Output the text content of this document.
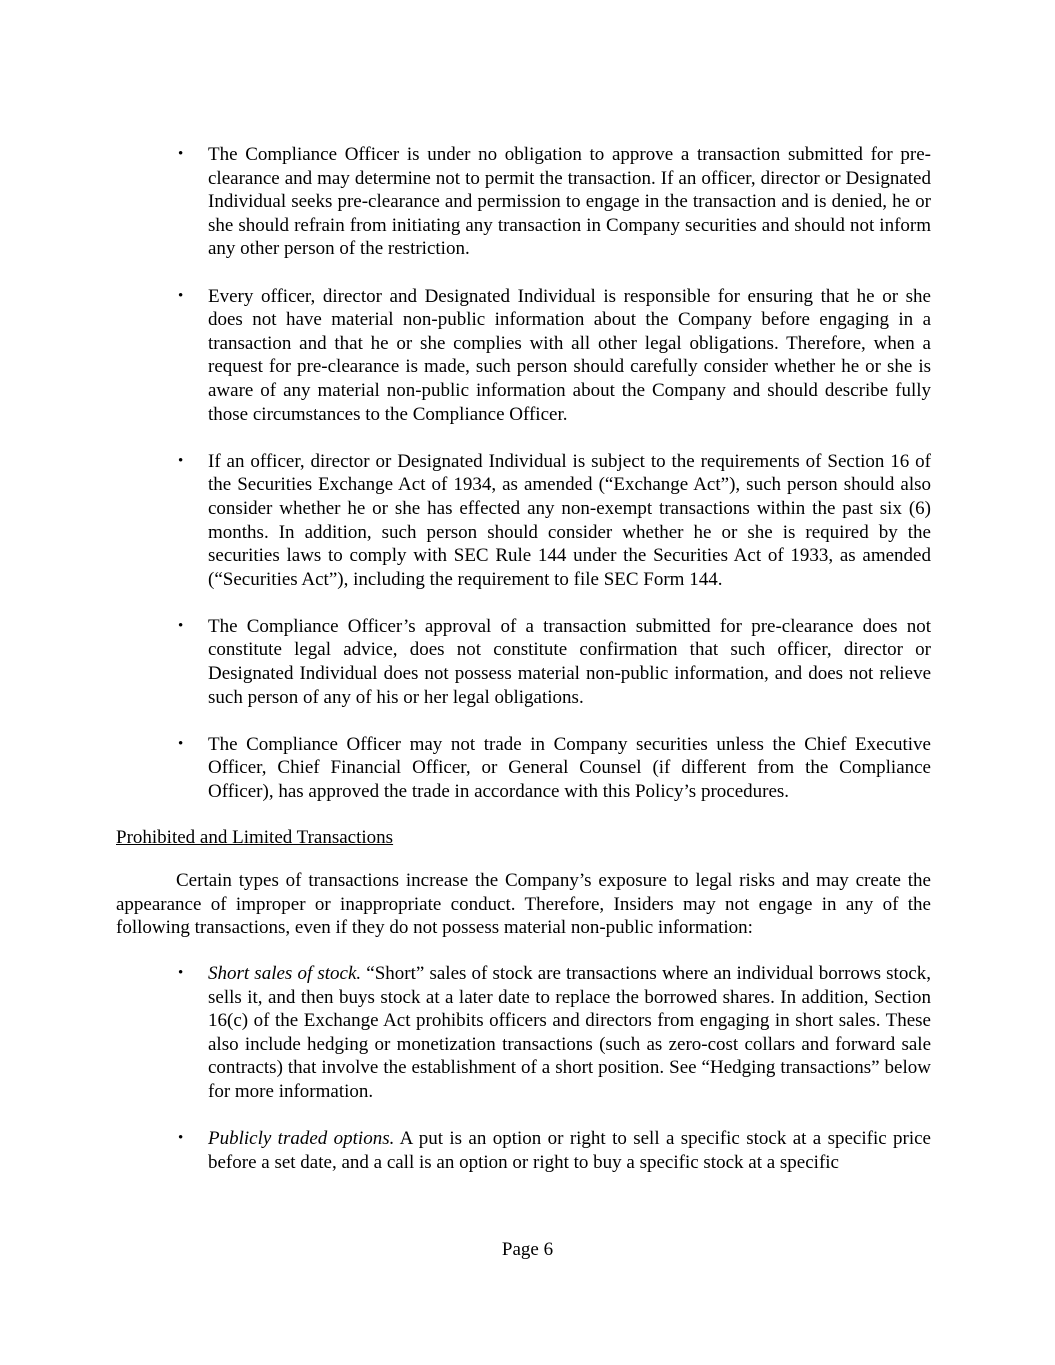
• The Compliance Officer is under no obligation to approve a transaction submitted for pre-clearance and may determine not to permit the transaction. If an officer, director or Designated Individual seeks pre-clearance and permission to engage in the transaction and is denied, he or she should refrain from initiating any transaction in Company securities and should not inform any other person of the restriction.
• Every officer, director and Designated Individual is responsible for ensuring that he or she does not have material non-public information about the Company before engaging in a transaction and that he or she complies with all other legal obligations. Therefore, when a request for pre-clearance is made, such person should carefully consider whether he or she is aware of any material non-public information about the Company and should describe fully those circumstances to the Compliance Officer.
• If an officer, director or Designated Individual is subject to the requirements of Section 16 of the Securities Exchange Act of 1934, as amended (“Exchange Act”), such person should also consider whether he or she has effected any non-exempt transactions within the past six (6) months. In addition, such person should consider whether he or she is required by the securities laws to comply with SEC Rule 144 under the Securities Act of 1933, as amended (“Securities Act”), including the requirement to file SEC Form 144.
• The Compliance Officer’s approval of a transaction submitted for pre-clearance does not constitute legal advice, does not constitute confirmation that such officer, director or Designated Individual does not possess material non-public information, and does not relieve such person of any of his or her legal obligations.
• The Compliance Officer may not trade in Company securities unless the Chief Executive Officer, Chief Financial Officer, or General Counsel (if different from the Compliance Officer), has approved the trade in accordance with this Policy’s procedures.
Prohibited and Limited Transactions
Certain types of transactions increase the Company’s exposure to legal risks and may create the appearance of improper or inappropriate conduct. Therefore, Insiders may not engage in any of the following transactions, even if they do not possess material non-public information:
• Short sales of stock. “Short” sales of stock are transactions where an individual borrows stock, sells it, and then buys stock at a later date to replace the borrowed shares. In addition, Section 16(c) of the Exchange Act prohibits officers and directors from engaging in short sales. These also include hedging or monetization transactions (such as zero-cost collars and forward sale contracts) that involve the establishment of a short position. See “Hedging transactions” below for more information.
• Publicly traded options. A put is an option or right to sell a specific stock at a specific price before a set date, and a call is an option or right to buy a specific stock at a specific
Page 6
